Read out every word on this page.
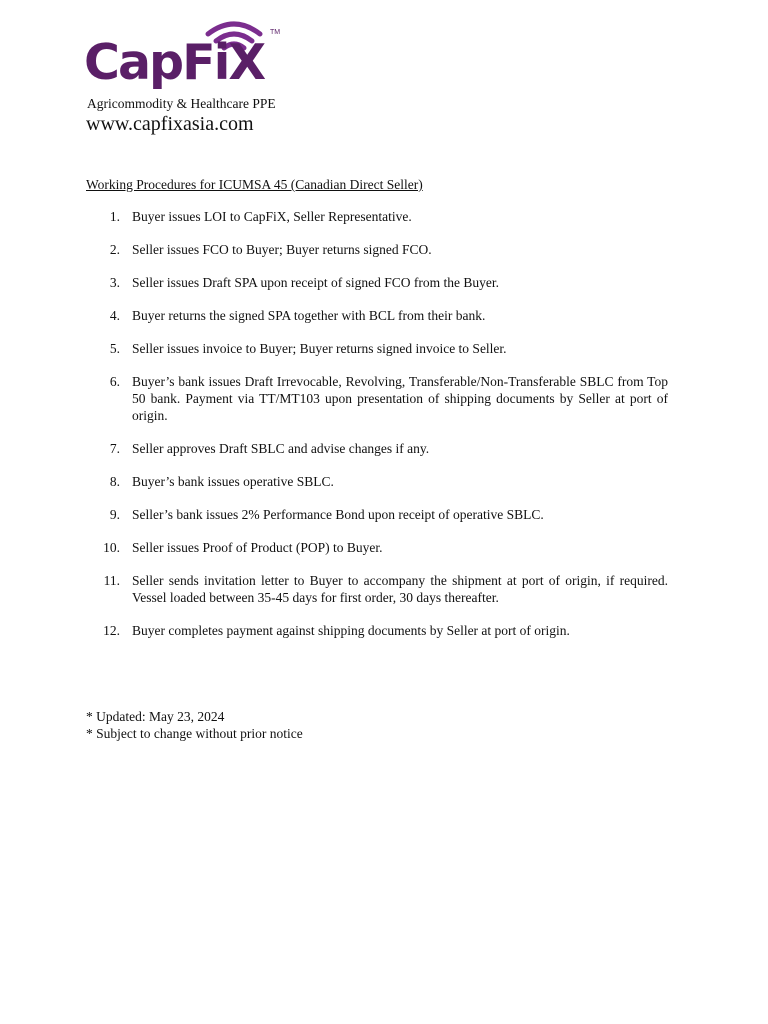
CapFiX
TM
Agricommodity & Healthcare PPE
www.capfixasia.com
Working Procedures for ICUMSA 45 (Canadian Direct Seller)
1. Buyer issues LOI to CapFiX, Seller Representative.
2. Seller issues FCO to Buyer; Buyer returns signed FCO.
3. Seller issues Draft SPA upon receipt of signed FCO from the Buyer.
4. Buyer returns the signed SPA together with BCL from their bank.
5. Seller issues invoice to Buyer; Buyer returns signed invoice to Seller.
6. Buyer’s bank issues Draft Irrevocable, Revolving, Transferable/Non-Transferable SBLC from Top 50 bank. Payment via TT/MT103 upon presentation of shipping documents by Seller at port of origin.
7. Seller approves Draft SBLC and advise changes if any.
8. Buyer’s bank issues operative SBLC.
9. Seller’s bank issues 2% Performance Bond upon receipt of operative SBLC.
10. Seller issues Proof of Product (POP) to Buyer.
11. Seller sends invitation letter to Buyer to accompany the shipment at port of origin, if required. Vessel loaded between 35-45 days for first order, 30 days thereafter.
12. Buyer completes payment against shipping documents by Seller at port of origin.
* Updated: May 23, 2024
* Subject to change without prior notice
